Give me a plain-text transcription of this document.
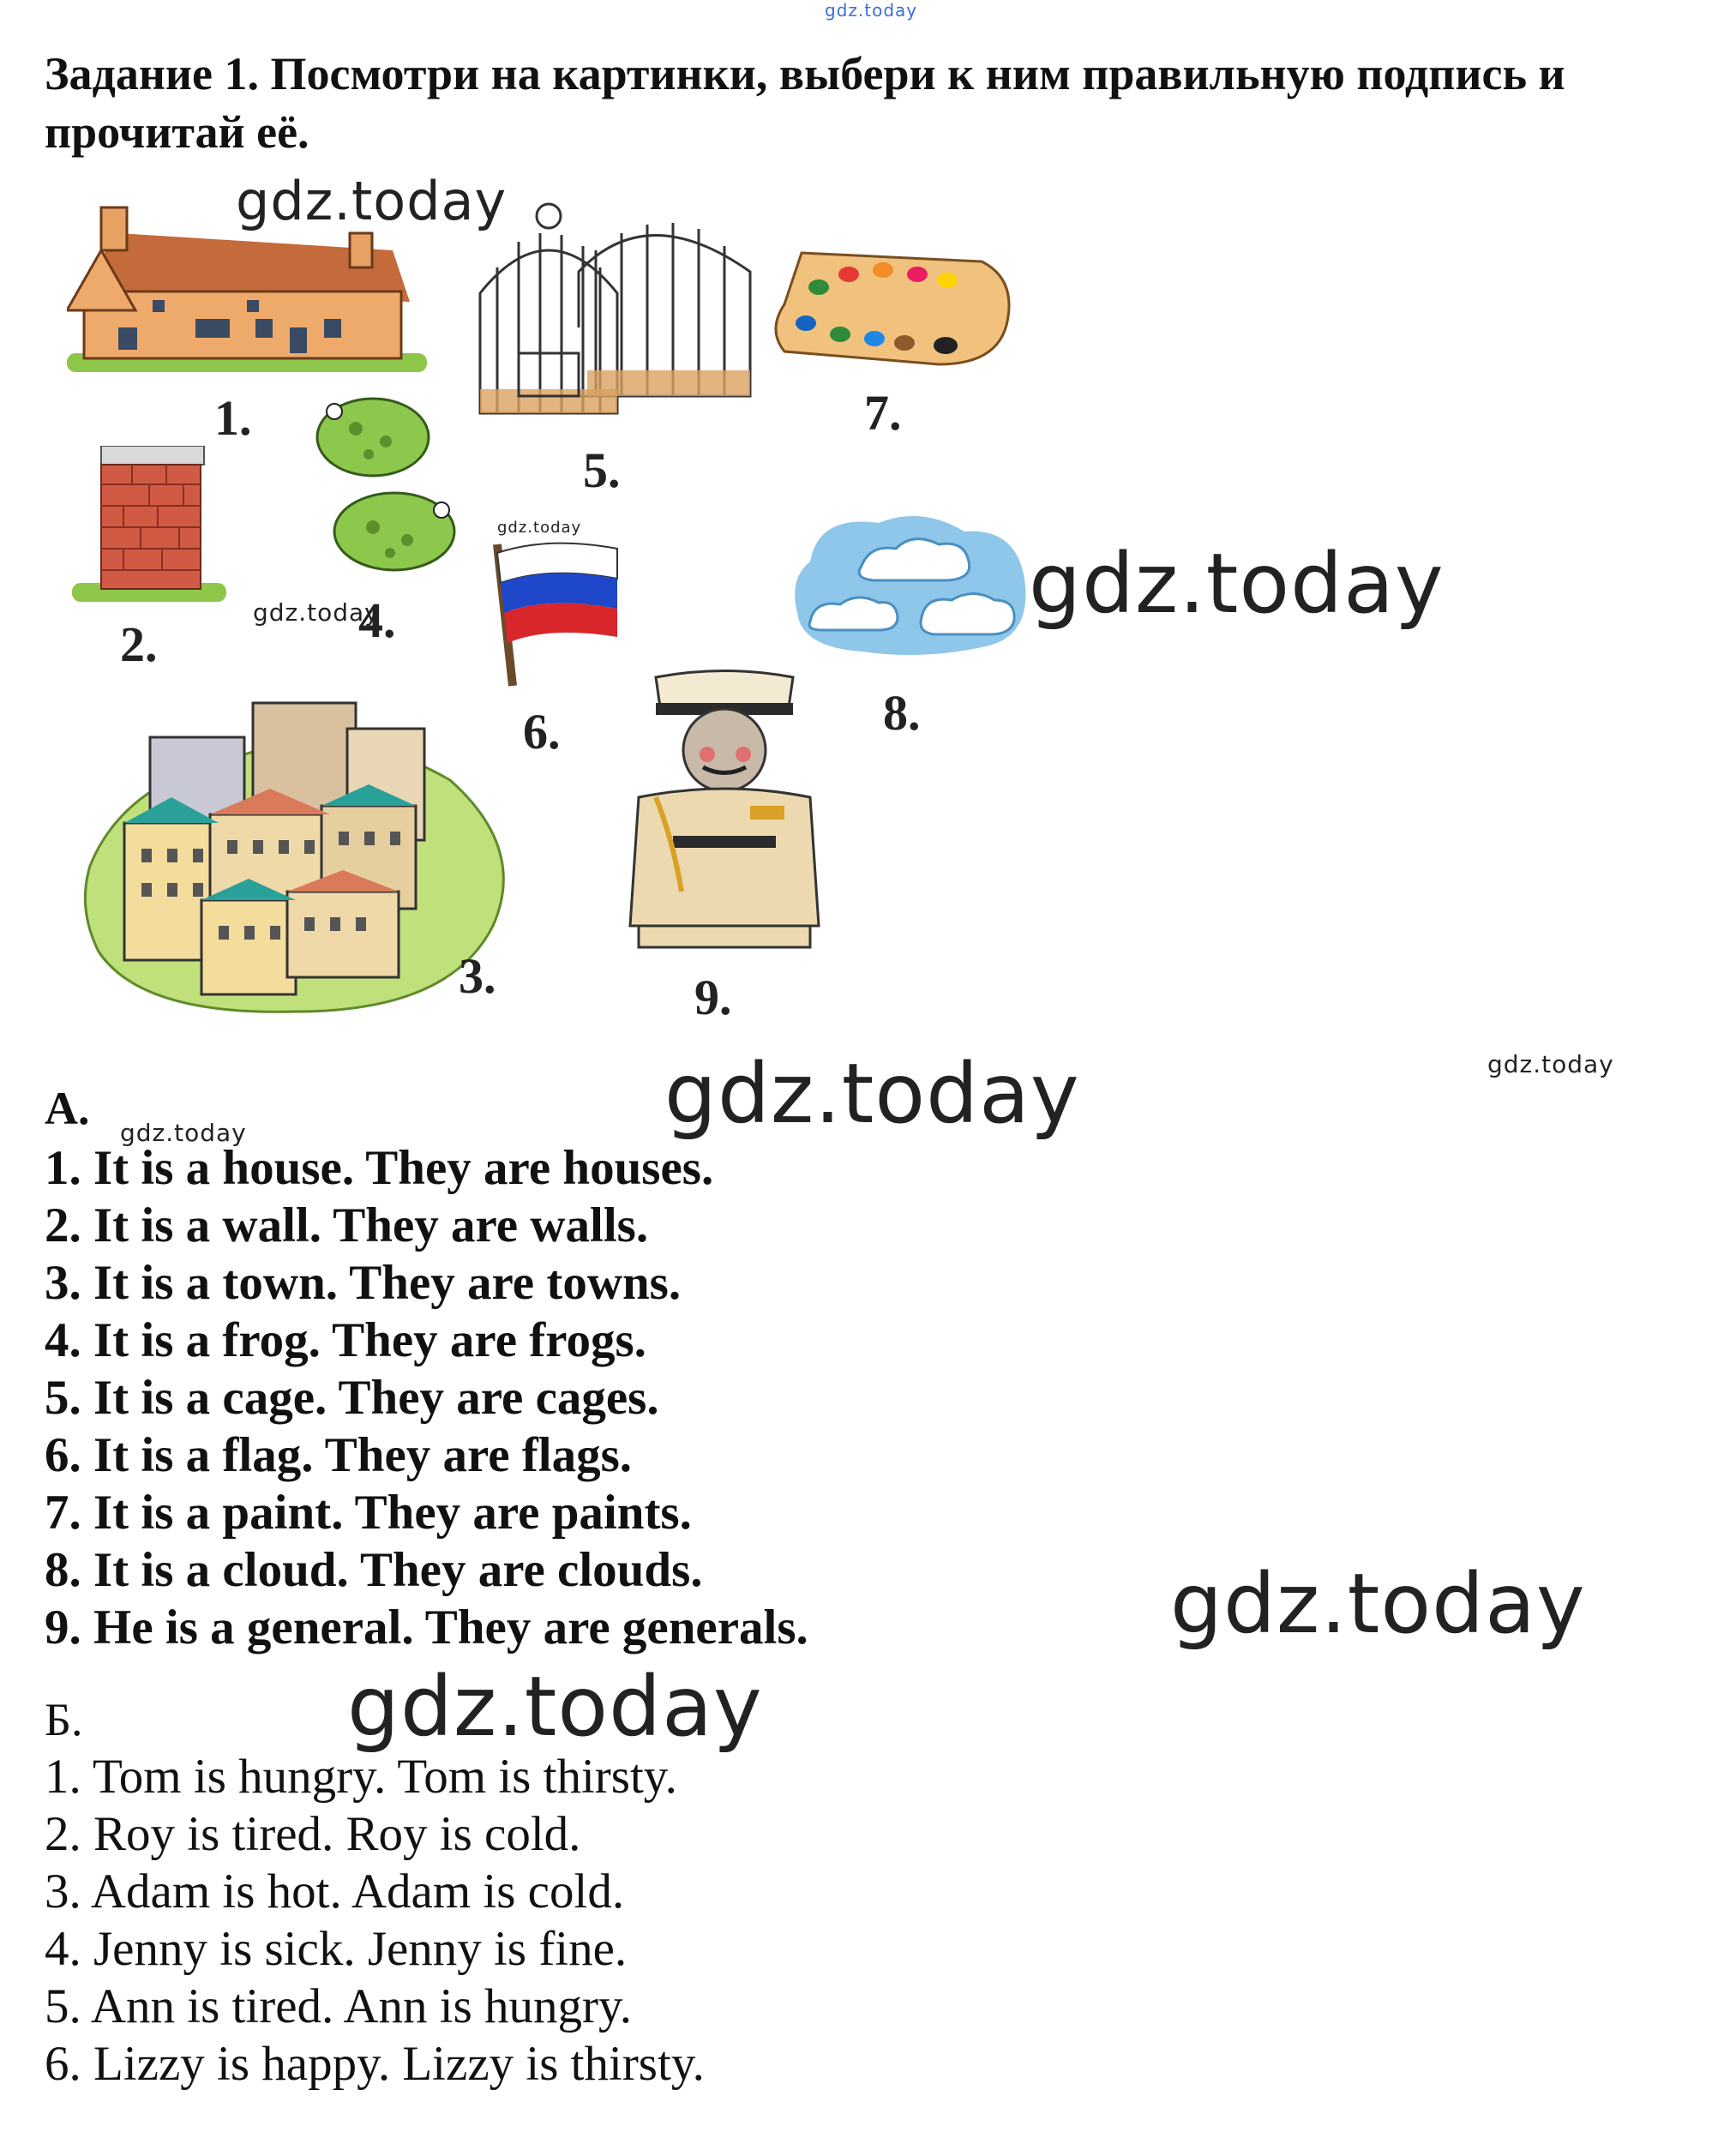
gdz.today
Задание 1. Посмотри на картинки, выбери к ним правильную подпись и прочитай её.
1.
5.
7.
2.	4.
6.	8.
3.	9.
gdz.today
gdz.today
gdz.today	gdz.today
gdz.today	gdz.today
gdz.today
gdz.today
gdz.today
A.
1. It is a house. They are houses.
2. It is a wall. They are walls.
3. It is a town. They are towns.
4. It is a frog. They are frogs.
5. It is a cage. They are cages.
6. It is a flag. They are flags.
7. It is a paint. They are paints.
8. It is a cloud. They are clouds.
9. He is a general. They are generals.
Б.
1. Tom is hungry. Tom is thirsty.
2. Roy is tired. Roy is cold.
3. Adam is hot. Adam is cold.
4. Jenny is sick. Jenny is fine.
5. Ann is tired. Ann is hungry.
6. Lizzy is happy. Lizzy is thirsty.
